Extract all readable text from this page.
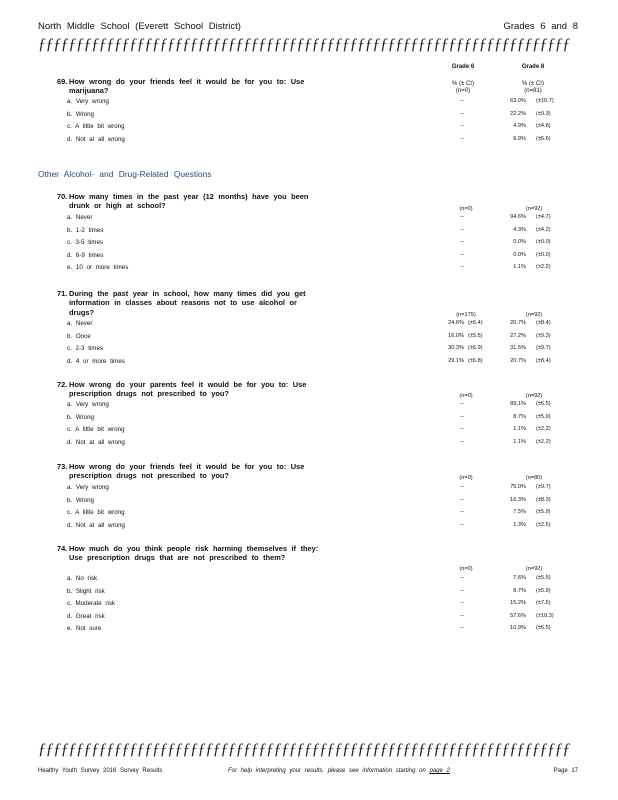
North Middle School (Everett School District)	Grades 6 and 8
ƒƒƒƒƒƒƒƒƒƒƒƒƒƒƒƒƒƒƒƒƒƒƒƒƒƒƒƒƒƒƒƒƒƒƒƒƒƒƒƒƒƒƒƒƒƒƒƒƒƒƒƒƒƒƒƒƒƒƒƒƒƒƒƒƒƒƒƒƒƒ
Grade 6	Grade 8
% (± CI)	% (± CI)
(n=0)	(n=81)
Other Alcohol- and Drug-Related Questions
69. How wrong do your friends feel it would be for you to: Use marijuana?
a. Very wrong	--	63.0% (±10.7)
b. Wrong	--	22.2% (±9.3)
c. A little bit wrong	--	4.9% (±4.8)
d. Not at all wrong	--	9.9% (±6.6)
70. How many times in the past year (12 months) have you been drunk or high at school?	(n=0)	(n=92)
a. Never	--	94.6% (±4.7)
b. 1-2 times	--	4.3% (±4.2)
c. 3-5 times	--	0.0% (±0.0)
d. 6-9 times	--	0.0% (±0.0)
e. 10 or more times	--	1.1% (±2.2)
71. During the past year in school, how many times did you get information in classes about reasons not to use alcohol or drugs?	(n=175)	(n=92)
a. Never	24.6% (±6.4)	20.7% (±8.4)
b. Once	16.0% (±5.5)	27.2% (±9.3)
c. 2-3 times	30.3% (±6.9)	31.5% (±9.7)
d. 4 or more times	29.1% (±6.8)	20.7% (±8.4)
72. How wrong do your parents feel it would be for you to: Use prescription drugs not prescribed to you?	(n=0)	(n=92)
a. Very wrong	--	89.1% (±6.5)
b. Wrong	--	8.7% (±5.9)
c. A little bit wrong	--	1.1% (±2.2)
d. Not at all wrong	--	1.1% (±2.2)
73. How wrong do your friends feel it would be for you to: Use prescription drugs not prescribed to you?	(n=0)	(n=80)
a. Very wrong	--	75.0% (±9.7)
b. Wrong	--	16.3% (±8.3)
c. A little bit wrong	--	7.5% (±5.9)
d. Not at all wrong	--	1.3% (±2.5)
74. How much do you think people risk harming themselves if they: Use prescription drugs that are not prescribed to them?
(n=0)	(n=92)
a. No risk	--	7.6% (±5.5)
b. Slight risk	--	8.7% (±5.9)
c. Moderate risk	--	15.2% (±7.5)
d. Great risk	--	57.6% (±10.3)
e. Not sure	--	10.9% (±6.5)
ƒƒƒƒƒƒƒƒƒƒƒƒƒƒƒƒƒƒƒƒƒƒƒƒƒƒƒƒƒƒƒƒƒƒƒƒƒƒƒƒƒƒƒƒƒƒƒƒƒƒƒƒƒƒƒƒƒƒƒƒƒƒƒƒƒƒƒƒƒƒ
Healthy Youth Survey 2016 Survey Results	For help interpreting your results, please see information starting on page 2	Page 17
